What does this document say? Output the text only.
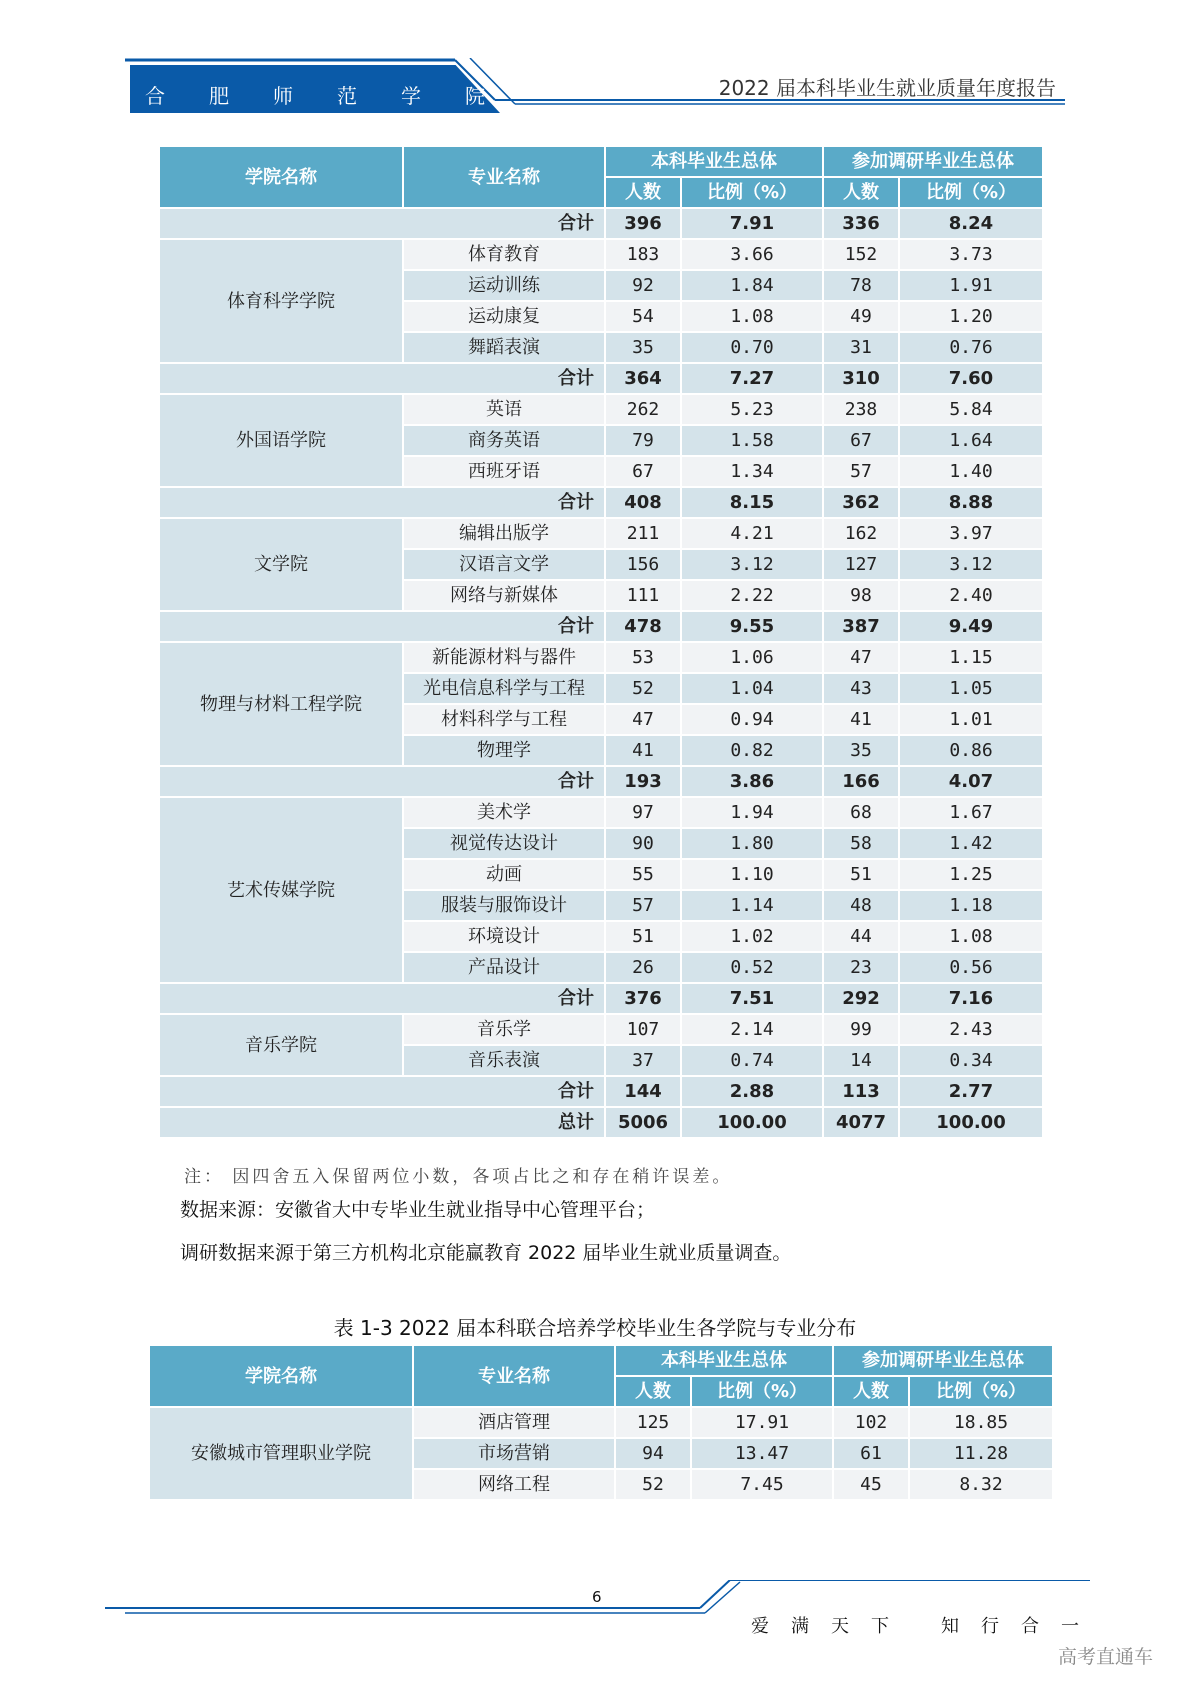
合 肥 师 范 学 院	2022 届本科毕业生就业质量年度报告
学院名称	专业名称	本科毕业生总体		参加调研毕业生总体	
		人数	比例（%）	人数	比例（%）
合计		396	7.91	336	8.24
体育科学学院	体育教育	183	3.66	152	3.73
	运动训练	92	1.84	78	1.91
	运动康复	54	1.08	49	1.20
	舞蹈表演	35	0.70	31	0.76
合计		364	7.27	310	7.60
外国语学院	英语	262	5.23	238	5.84
	商务英语	79	1.58	67	1.64
	西班牙语	67	1.34	57	1.40
合计		408	8.15	362	8.88
文学院	编辑出版学	211	4.21	162	3.97
	汉语言文学	156	3.12	127	3.12
	网络与新媒体	111	2.22	98	2.40
合计		478	9.55	387	9.49
物理与材料工程学院	新能源材料与器件	53	1.06	47	1.15
	光电信息科学与工程	52	1.04	43	1.05
	材料科学与工程	47	0.94	41	1.01
	物理学	41	0.82	35	0.86
合计		193	3.86	166	4.07
艺术传媒学院	美术学	97	1.94	68	1.67
	视觉传达设计	90	1.80	58	1.42
	动画	55	1.10	51	1.25
	服装与服饰设计	57	1.14	48	1.18
	环境设计	51	1.02	44	1.08
	产品设计	26	0.52	23	0.56
合计		376	7.51	292	7.16
音乐学院	音乐学	107	2.14	99	2.43
	音乐表演	37	0.74	14	0.34
合计		144	2.88	113	2.77
总计		5006	100.00	4077	100.00
注： 因四舍五入保留两位小数，各项占比之和存在稍许误差。
数据来源：安徽省大中专毕业生就业指导中心管理平台；
调研数据来源于第三方机构北京能赢教育 2022 届毕业生就业质量调查。
表 1-3 2022 届本科联合培养学校毕业生各学院与专业分布
学院名称	专业名称	本科毕业生总体		参加调研毕业生总体	
		人数	比例（%）	人数	比例（%）
安徽城市管理职业学院	酒店管理	125	17.91	102	18.85
	市场营销	94	13.47	61	11.28
	网络工程	52	7.45	45	8.32
6
爱	满	天	下	知	行	合	一
高考直通车
